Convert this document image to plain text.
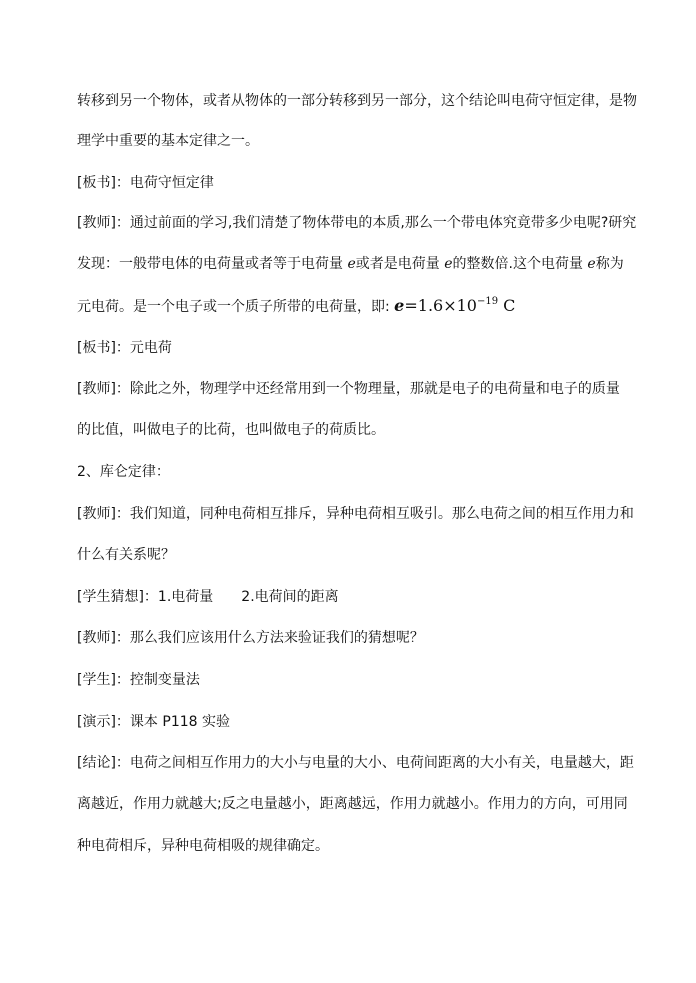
转移到另一个物体，或者从物体的一部分转移到另一部分，这个结论叫电荷守恒定律，是物
理学中重要的基本定律之一。
[板书]：电荷守恒定律
[教师]：通过前面的学习,我们清楚了物体带电的本质,那么一个带电体究竟带多少电呢?研究
发现：一般带电体的电荷量或者等于电荷量 e或者是电荷量 e的整数倍.这个电荷量 e称为
元电荷。是一个电子或一个质子所带的电荷量，即: $e=1.6\times 10^{-19}$ C
[板书]：元电荷
[教师]：除此之外，物理学中还经常用到一个物理量，那就是电子的电荷量和电子的质量
的比值，叫做电子的比荷，也叫做电子的荷质比。
2、库仑定律：
[教师]：我们知道，同种电荷相互排斥，异种电荷相互吸引。那么电荷之间的相互作用力和
什么有关系呢？
[学生猜想]：1.电荷量　　2.电荷间的距离
[教师]：那么我们应该用什么方法来验证我们的猜想呢？
[学生]：控制变量法
[演示]：课本 P118 实验
[结论]：电荷之间相互作用力的大小与电量的大小、电荷间距离的大小有关，电量越大，距
离越近，作用力就越大;反之电量越小，距离越远，作用力就越小。作用力的方向，可用同
种电荷相斥，异种电荷相吸的规律确定。
